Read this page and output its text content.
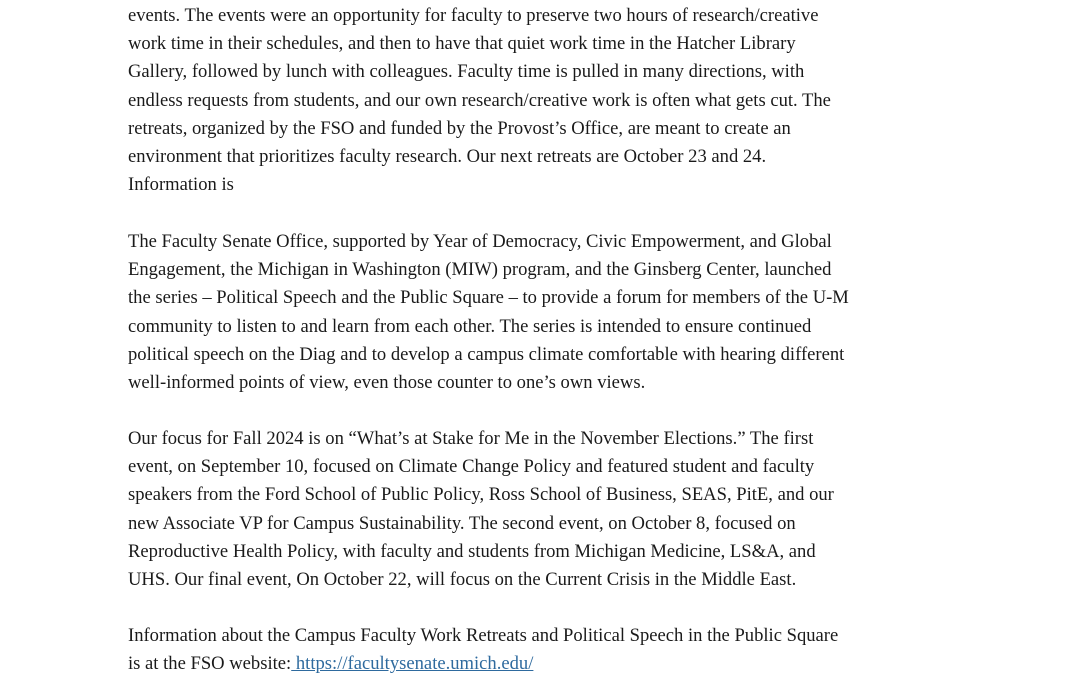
events. The events were an opportunity for faculty to preserve two hours of research/creative
work time in their schedules, and then to have that quiet work time in the Hatcher Library
Gallery, followed by lunch with colleagues. Faculty time is pulled in many directions, with
endless requests from students, and our own research/creative work is often what gets cut. The
retreats, organized by the FSO and funded by the Provost’s Office, are meant to create an
environment that prioritizes faculty research. Our next retreats are October 23 and 24.
Information is

The Faculty Senate Office, supported by Year of Democracy, Civic Empowerment, and Global
Engagement, the Michigan in Washington (MIW) program, and the Ginsberg Center, launched
the series – Political Speech and the Public Square – to provide a forum for members of the U-M
community to listen to and learn from each other. The series is intended to ensure continued
political speech on the Diag and to develop a campus climate comfortable with hearing different
well-informed points of view, even those counter to one’s own views.

Our focus for Fall 2024 is on “What’s at Stake for Me in the November Elections.” The first
event, on September 10, focused on Climate Change Policy and featured student and faculty
speakers from the Ford School of Public Policy, Ross School of Business, SEAS, PitE, and our
new Associate VP for Campus Sustainability. The second event, on October 8, focused on
Reproductive Health Policy, with faculty and students from Michigan Medicine, LS&A, and
UHS. Our final event, On October 22, will focus on the Current Crisis in the Middle East.

Information about the Campus Faculty Work Retreats and Political Speech in the Public Square
is at the FSO website: https://facultysenate.umich.edu/
